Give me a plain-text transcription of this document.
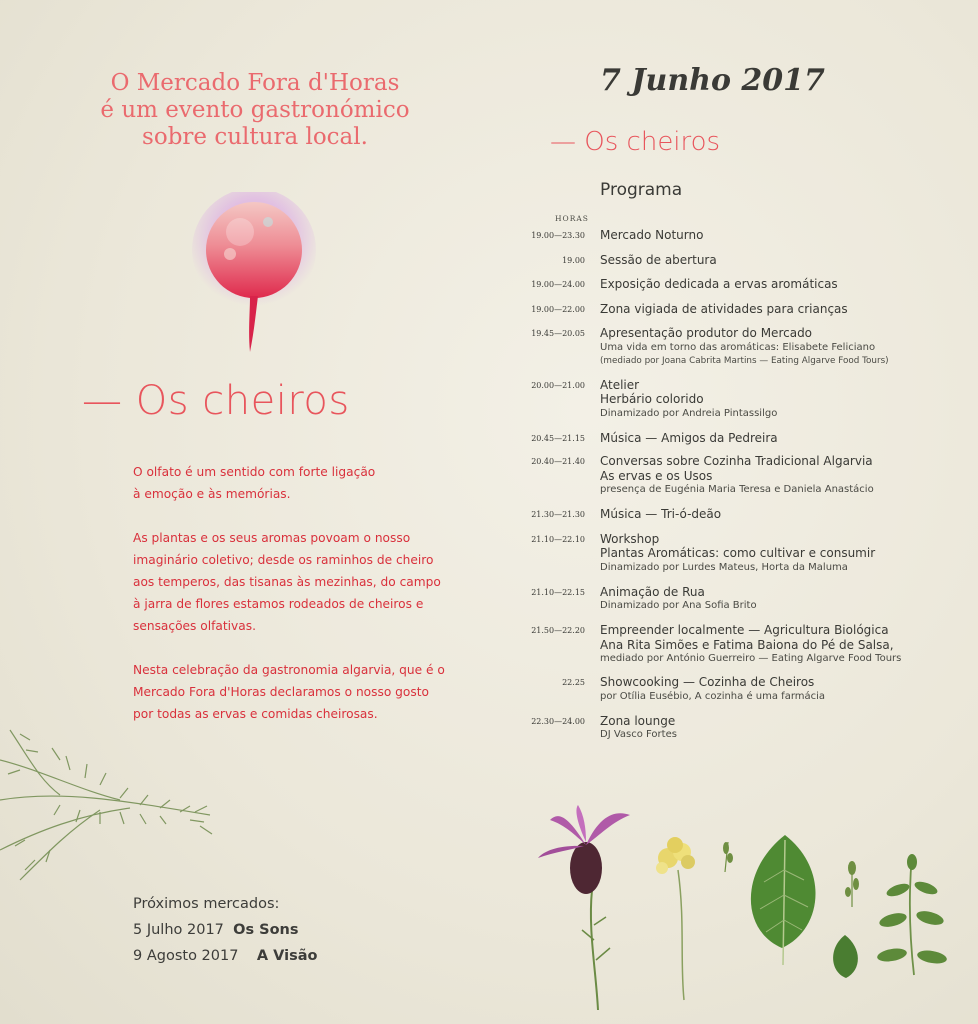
O Mercado Fora d'Horas
é um evento gastronómico
sobre cultura local.
— Os cheiros

O olfato é um sentido com forte ligação
à emoção e às memórias.

As plantas e os seus aromas povoam o nosso
imaginário coletivo; desde os raminhos de cheiro
aos temperos, das tisanas às mezinhas, do campo
à jarra de flores estamos rodeados de cheiros e
sensações olfativas.

Nesta celebração da gastronomia algarvia, que é o
Mercado Fora d'Horas declaramos o nosso gosto
por todas as ervas e comidas cheirosas.

Próximos mercados:
5 Julho 2017 Os Sons
9 Agosto 2017 A Visão
7 Junho 2017
— Os cheiros
Programa
HORAS
19.00—23.30 Mercado Noturno
19.00 Sessão de abertura
19.00—24.00 Exposição dedicada a ervas aromáticas
19.00—22.00 Zona vigiada de atividades para crianças
19.45—20.05 Apresentação produtor do Mercado
Uma vida em torno das aromáticas: Elisabete Feliciano
(mediado por Joana Cabrita Martins — Eating Algarve Food Tours)
20.00—21.00 Atelier
Herbário colorido
Dinamizado por Andreia Pintassilgo
20.45—21.15 Música — Amigos da Pedreira
20.40—21.40 Conversas sobre Cozinha Tradicional Algarvia
As ervas e os Usos
presença de Eugénia Maria Teresa e Daniela Anastácio
21.30—21.30 Música — Tri-ó-deão
21.10—22.10 Workshop
Plantas Aromáticas: como cultivar e consumir
Dinamizado por Lurdes Mateus, Horta da Maluma
21.10—22.15 Animação de Rua
Dinamizado por Ana Sofia Brito
21.50—22.20 Empreender localmente — Agricultura Biológica
Ana Rita Simões e Fatima Baiona do Pé de Salsa,
mediado por António Guerreiro — Eating Algarve Food Tours
22.25 Showcooking — Cozinha de Cheiros
por Otília Eusébio, A cozinha é uma farmácia
22.30—24.00 Zona lounge
DJ Vasco Fortes
